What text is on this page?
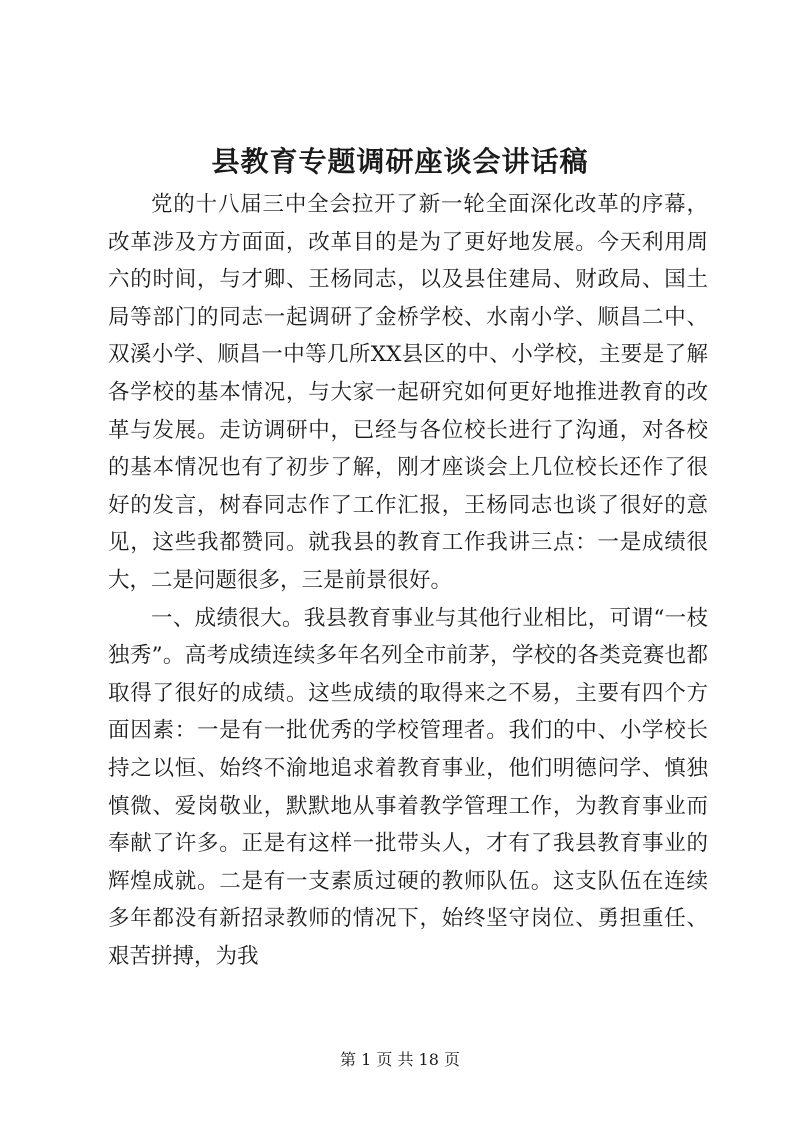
县教育专题调研座谈会讲话稿

党的十八届三中全会拉开了新一轮全面深化改革的序幕，改革涉及方方面面，改革目的是为了更好地发展。今天利用周六的时间，与才卿、王杨同志，以及县住建局、财政局、国土局等部门的同志一起调研了金桥学校、水南小学、顺昌二中、双溪小学、顺昌一中等几所XX县区的中、小学校，主要是了解各学校的基本情况，与大家一起研究如何更好地推进教育的改革与发展。走访调研中，已经与各位校长进行了沟通，对各校的基本情况也有了初步了解，刚才座谈会上几位校长还作了很好的发言，树春同志作了工作汇报，王杨同志也谈了很好的意见，这些我都赞同。就我县的教育工作我讲三点：一是成绩很大，二是问题很多，三是前景很好。

一、成绩很大。我县教育事业与其他行业相比，可谓“一枝独秀”。高考成绩连续多年名列全市前茅，学校的各类竞赛也都取得了很好的成绩。这些成绩的取得来之不易，主要有四个方面因素：一是有一批优秀的学校管理者。我们的中、小学校长持之以恒、始终不渝地追求着教育事业，他们明德问学、慎独慎微、爱岗敬业，默默地从事着教学管理工作，为教育事业而奉献了许多。正是有这样一批带头人，才有了我县教育事业的辉煌成就。二是有一支素质过硬的教师队伍。这支队伍在连续多年都没有新招录教师的情况下，始终坚守岗位、勇担重任、艰苦拼搏，为我

第 1 页 共 18 页
